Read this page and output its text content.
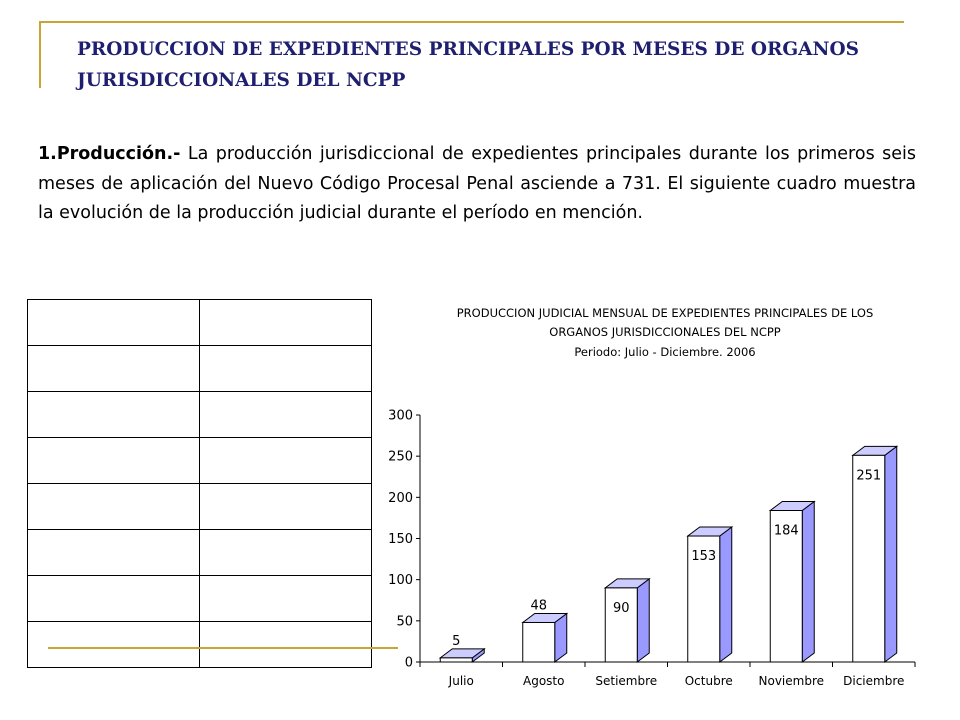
PRODUCCION DE EXPEDIENTES PRINCIPALES POR MESES DE ORGANOS JURISDICCIONALES DEL NCPP

1.Producción.- La producción jurisdiccional de expedientes principales durante los primeros seis meses de aplicación del Nuevo Código Procesal Penal asciende a 731. El siguiente cuadro muestra la evolución de la producción judicial durante el período en mención.

PRODUCCION JUDICIAL MENSUAL DE EXPEDIENTES PRINCIPALES DE LOS
ORGANOS JURISDICCIONALES DEL NCPP
Periodo: Julio - Diciembre. 2006
0
50
100
150
200
250
300
5
Julio
48
Agosto
90
Setiembre
153
Octubre
184
Noviembre
251
Diciembre
